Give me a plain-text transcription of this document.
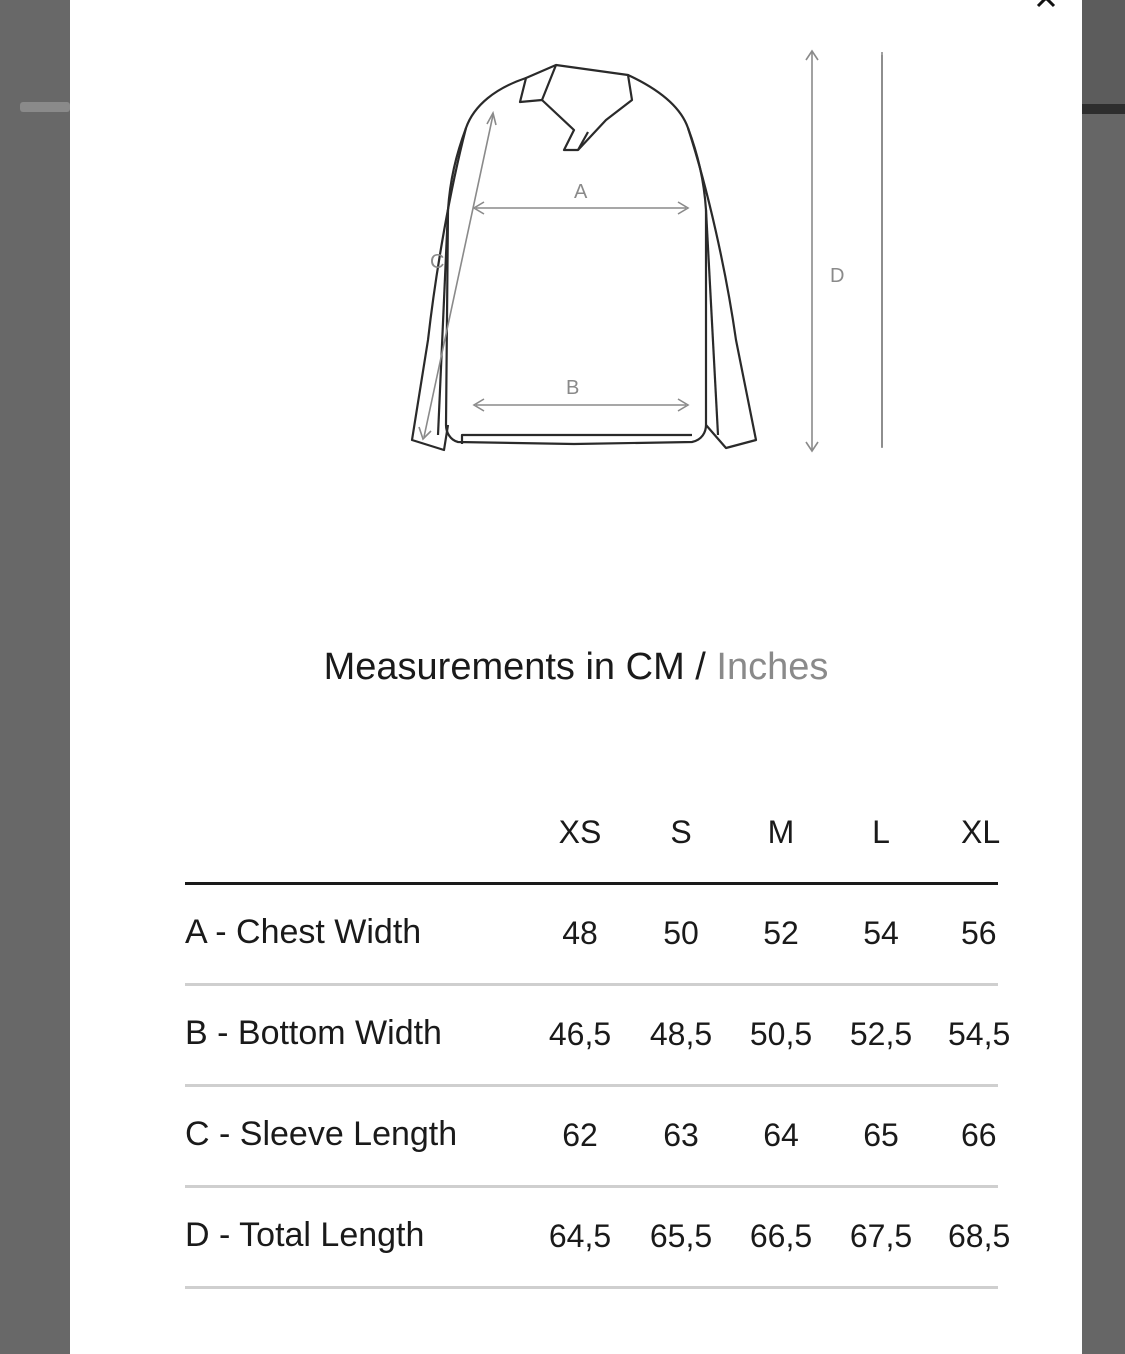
A
B
C
D
Measurements in CM / Inches
XS	S	M	L	XL
A - Chest Width	48	50	52	54	56
B - Bottom Width	46,5	48,5	50,5	52,5	54,5
C - Sleeve Length	62	63	64	65	66
D - Total Length	64,5	65,5	66,5	67,5	68,5
